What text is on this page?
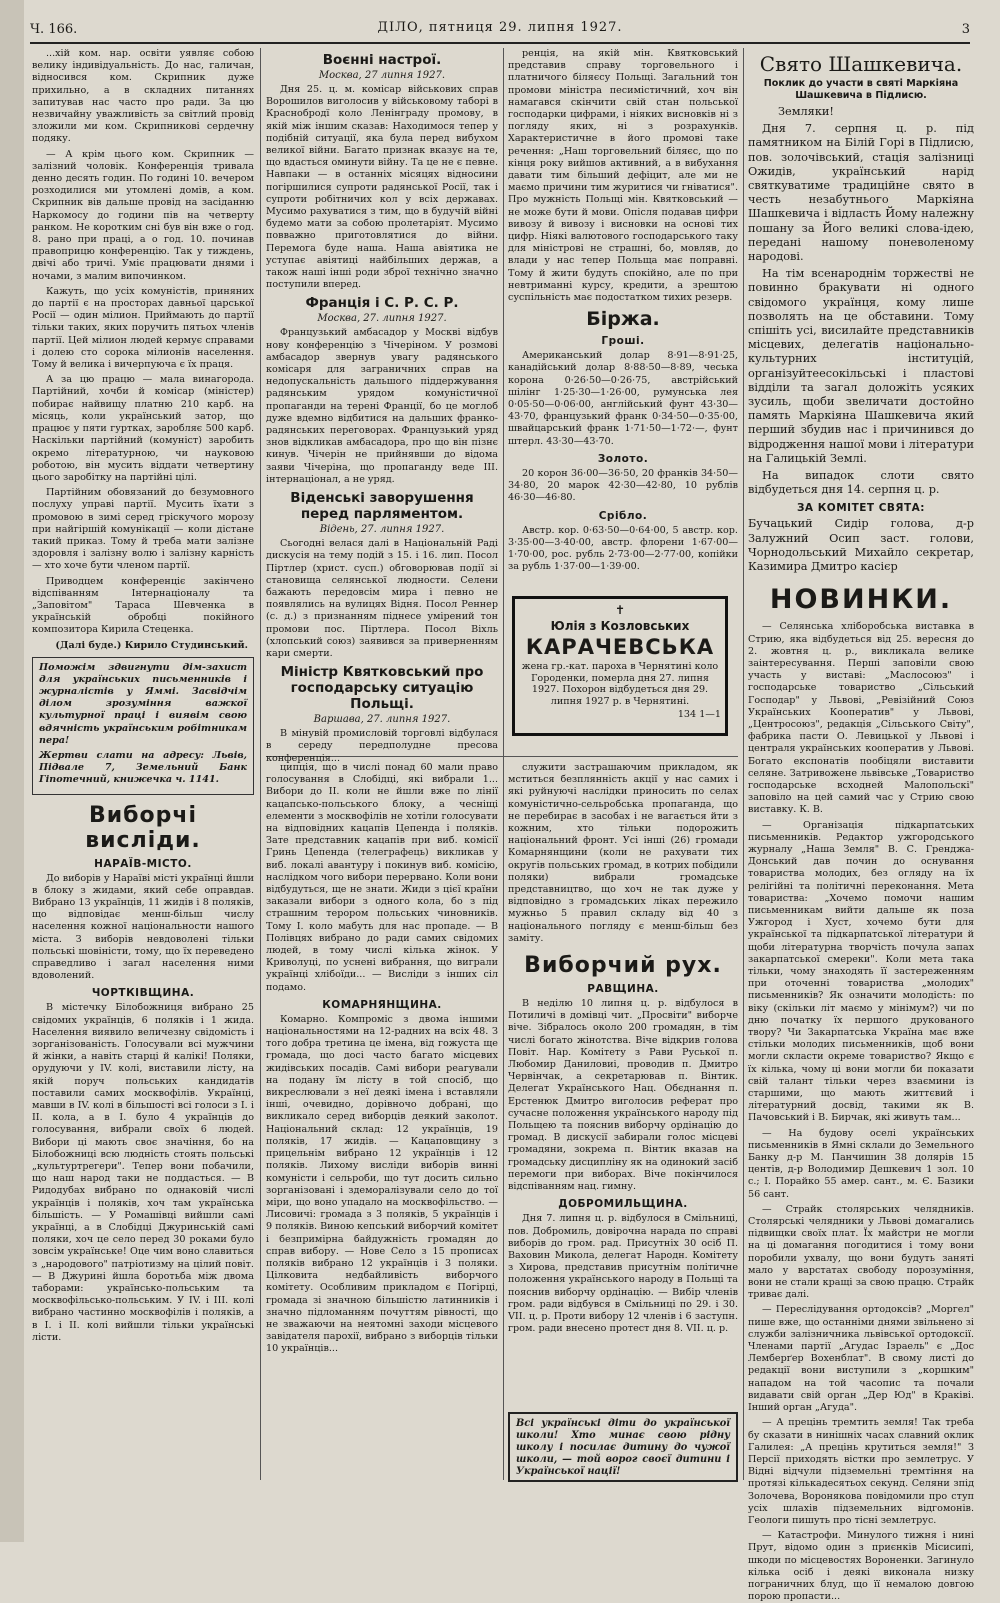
Ч. 166.	ДІЛО, пятниця 29. липня 1927.	3

...хій ком. нар. освіти уявляє собою велику індивідуальність. До нас, галичан, відносився ком. Скрипник дуже прихильно, а в складних питаннях запитував нас часто про ради. За цю незвичайну уважливість за світлий провід зложили ми ком. Скрипникові сердечну подяку.

— А крім цього ком. Скрипник — залізний чоловік. Конференція тривала денно десять годин. По годині 10. вечером розходилися ми утомлені домів, а ком. Скрипник вів дальше провід на засіданню Наркомосу до години пів на четверту ранком. Не коротким сні був він вже о год. 8. рано при праці, а о год. 10. починав правоприцю конференцію. Так у тиждень, двічі або тричі. Уміє працювати днями і ночами, з малим випочинком.

Кажуть, що усіх комуністів, приняних до партії є на просторах давньої царської Росії — один мілион. Приймають до партії тільки таких, яких поручить пятьох членів партії. Цей мілион людей кермує справами і долею сто сорока мілионів населення. Тому й велика і вичерпуюча є їх праця.

А за цю працю — мала винагорода. Партійний, хочби й комісар (міністер) побирає найвищу платню 210 карб. на місяць, коли український затор, що працює у пяти гуртках, заробляє 500 карб. Наскільки партійний (комуніст) заробить окремо літературною, чи науковою роботою, він мусить віддати четвертину цього заробітку на партійні цілі.

Партійним обовязаний до безумовного послуху управі партії. Мусить їхати з промовою в зимі серед гріскучого морозу при найгіршій комунікації — коли дістане такий приказ. Тому й треба мати залізне здоровля і залізну волю і залізну карність — хто хоче бути членом партії.

Приводцем конференціє закінчено відспіванням Інтернаціоналу та „Заповітом" Тараса Шевченка в українській обробці покійного композитора Кирила Стеценка.

(Далі буде.) Кирило Студинський.

Поможім здвигнути дім-захист для українських письменників і журналістів у Яммі. Засвідчім ділом зрозуміння важкої культурної праці і виявім свою вдячність українським робітникам пера!

Жертви слати на адресу: Львів, Підвале 7, Земельний Банк Гіпотечний, книжечка ч. 1141.

Виборчі висліди.
НАРАЇВ-МІСТО.

До виборів у Нараїві місті українці йшли в блоку з жидами, який себе оправдав. Вибрано 13 українців, 11 жидів і 8 поляків, що відповідає менш-більш числу населення кожної національности нашого міста. З виборів невдоволені тільки польські шовіністи, тому, що їх переведено справедливо і загал населення ними вдоволений.

ЧОРТКІВЩИНА.

В містечку Білобожниця вибрано 25 свідомих українців, 6 поляків і 1 жида. Населення виявило величезну свідомість і зорганізованість. Голосували всі мужчини й жінки, а навіть старці й калікі! Поляки, орудуючи у IV. колі, виставили лісту, на якій поруч польських кандидатів поставили самих москвофілів. Українці, мавши в IV. колі в більшості всі голоси з I. і II. кола, а в I. було 4 українців до голосування, вибрали своїх 6 людей. Вибори ці мають своє значіння, бо на Білобожниці всю людність стоять польські „культуртрегери". Тепер вони побачили, що наш народ таки не поддасться. — В Ридодубах вибрано по однаковій числі українців і поляків, хоч там українська більшість. — У Ромашівці вийшли самі українці, а в Слобідці Джуринській самі поляки, хоч це село перед 30 роками було зовсім українське! Оце чим воно славиться з „народового" патріотизму на цілий повіт. — В Джурині йшла боротьба між двома таборами: українсько-польським та москвофільсько-польським. У IV. і III. колі вибрано частинно москвофілів і поляків, а в I. і II. колі вийшли тільки українські лісти.

Воєнні настрої.
Москва, 27 липня 1927.

Дня 25. ц. м. комісар військових справ Ворошилов виголосив у військовому таборі в Краснобродї коло Ленінграду промову, в якій між іншим сказав: Находимося тепер у подібній ситуації, яка була перед вибухом великої війни. Багато признак вказує на те, що вдасться оминути війну. Та це не є певне. Навпаки — в останніх місяцях відносини погіршилися супроти радянської Росії, так і супроти робітничих кол у всіх державах. Мусимо рахуватися з тим, що в будучій війні будемо мати за собою пролетаріят. Мусимо повважно приготовлятися до війни. Перемога буде наша. Наша авіятика не уступає авіятиці найбільших держав, а також наші інші роди зброї технічно значно поступили вперед.

Франція і С. Р. С. Р.
Москва, 27. липня 1927.

Французький амбасадор у Москві відбув нову конференцію з Чічеріном. У розмові амбасадор звернув увагу радянського комісаря для заграничних справ на недопускальність дальшого піддержування радянським урядом комуністичної пропаганди на терені Франції, бо це моглоб дуже вдемно відбитися на дальших франко-радянських переговорах. Французький уряд знов відкликав амбасадора, про що він пізнє кинув. Чічерін не прийнявши до відома заяви Чічеріна, що пропаганду веде III. інтернаціонал, а не уряд.

Віденські заворушення перед парляментом.
Відень, 27. липня 1927.

Сьогодні велася далі в Національній Раді дискусія на тему подій з 15. і 16. лип. Посол Піртлер (христ. сусп.) обговорював події зі становища селянської людности. Селени бажають передовсім мира і певно не появлялись на вулицях Відня. Посол Реннер (с. д.) з признанням піднесе умірений тон промови пос. Піртлера. Посол Віхль (хлопський союз) заявився за приверненням кари смерти.

Міністр Квятковський про господарську ситуацію Польщі.
Варшава, 27. липня 1927.

В мінувій промисловій торговлі відбулася в середу передполудне пресова конференція...

ренція, на якій мін. Квятковський представив справу торговельного і платничого біляєсу Польщі. Загальний тон промови міністра песимістичний, хоч він намагався скінчити свій стан польської господарки цифрами, і ніяких висновків ні з погляду яких, ні з розрахунків. Характеристичне в його промові таке речення: „Наш торговельний біляєс, що по кінця року вийшов активний, а в вибухання давати тим більший дефіцит, але ми не маємо причини тим журитися чи гніватися". Про мужність Польщі мін. Квятковський — не може бути й мови. Опісля подавав цифри вивозу й вивозу і висновки на основі тих цифр. Ніякі валютового господарського таку для міністрові не страшні, бо, мовляв, до влади у нас тепер Польща має поправні. Тому й жити будуть спокійно, але по при невтриманні курсу, кредити, а зрештою суспільність має подостатком тихих резерв.

Біржа.
Гроші.

Американський долар 8·91—8·91·25, канадійський долар 8·88·50—8·89, чеська корона 0·26·50—0·26·75, австрійський шілінг 1·25·30—1·26·00, румунська лея 0·05·50—0·06·00, англійський фунт 43·30—43·70, французький франк 0·34·50—0·35·00, швайцарський франк 1·71·50—1·72·—, фунт штерл. 43·30—43·70.

Золото.

20 корон 36·00—36·50, 20 франків 34·50—34·80, 20 марок 42·30—42·80, 10 рублів 46·30—46·80.

Срібло.

Австр. кор. 0·63·50—0·64·00, 5 австр. кор. 3·35·00—3·40·00, австр. флорени 1·67·00—1·70·00, рос. рубль 2·73·00—2·77·00, копійки за рубль 1·37·00—1·39·00.

✝
Юлія з Козловських
КАРАЧЕВСЬКА
жена гр.-кат. пароха в Чернятині коло Городенки, померла дня 27. липня 1927. Похорон відбудеться дня 29. липня 1927 р. в Чернятині.
134 1—1

ципція, що в числі понад 60 мали право голосування в Слобідці, які вибрали 1... Вибори до II. коли не йшли вже по лінії кацапсько-польського блоку, а чесніщі елементи з москвофілів не хотіли голосувати на відповідних кацапів Цепенда і поляків. Зате представник кацапів при виб. комісії Гринь Цепенда (телеграфець) викликав у виб. локалі авантуру і покинув виб. комісію, наслідком чого вибори перервано. Коли вони відбудуться, ще не знати. Жиди з цієї країни заказали вибори з одного кола, бо з під страшним терором польських чиновників. Тому I. коло мабуть для нас пропаде. — В Полівцях вибрано до ради самих свідомих людей, в тому числі кілька жінок. У Криволуці, по уснені вибрання, що виграли українці хлібоїди... — Висліди з інших сіл подамо.

КОМАРНЯНЩИНА.

Комарно. Компроміс з двома іншими національностями на 12-радних на всіх 48. З того добра третина це імена, від гожуста ще громада, що досі часто багато місцевих жидівських посадів. Самі вибори реагували на подану їм лісту в той спосіб, що викреслювали з неї деякі імена і вставляли інші, очевидно, дорівночо добрані, що викликало серед виборців деякий заколот. Національний склад: 12 українців, 19 поляків, 17 жидів. — Кацаповщину з прицельнім вибрано 12 українців і 12 поляків. Лихому висліди виборів винні комуністи і сельроби, що тут досить сильно зорганізовані і здеморалізували село до тої міри, що воно упадало на москвофільство. — Лисовичі: громада з 3 поляків, 5 українців і 9 поляків. Виною кепський виборчий комітет і безпримірна байдужність громадян до справ вибору. — Нове Село з 15 прописах поляків вибрано 12 українців і 3 поляки. Цілковита недбайливість виборчого комітету. Особливим прикладом є Погірці, громада зі значною більшістю латинників і значно підломанням почуттям рівності, що не зважаючи на неятомні заходи місцевого завідателя парохії, вибрано з виборців тільки 10 українців...

служити застрашаючим прикладом, як мститься безплянність акції у нас самих і які руйнуючі наслідки приносить по селах комуністично-сельробська пропаганда, що не перебирає в засобах і не вагається йти з кожним, хто тільки подорожить національний фронт. Усі інші (26) громади Комарнянщини (коли не рахувати тих округів польських громад, в котрих побідили поляки) вибрали громадське представництво, що хоч не так дуже у відповідно з громадських ліках пережило мужньо 5 правил складу від 40 з національного погляду є менш-більш без заміту.

Виборчий рух.
РАВЩИНА.

В неділю 10 липня ц. р. відбулося в Потиличі в домівці чит. „Просвіти" виборче віче. Зібралось около 200 громадян, в тім числі богато жінотства. Віче відкрив голова Повіт. Нар. Комітету з Рави Руської п. Любомир Даниловиі, проводив п. Дмитро Червінчак, а секретарював п. Вінтик. Делегат Українського Нац. Обєднання п. Ерстенюк Дмитро виголосив реферат про сучасне положення українського народу під Польщею та пояснив виборчу ордінацію до громад. В дискусії забирали голос місцеві громадяни, зокрема п. Вінтик вказав на громадську дисципліну як на одинокий засіб перемоги при виборах. Віче покінчилося відспіванням нац. гимну.

ДОБРОМИЛЬЩИНА.

Дня 7. липня ц. р. відбулося в Смільниці, пов. Добромиль, довірочна нарада по справі виборів до гром. рад. Присутніх 30 осіб П. Ваховин Микола, делегат Народн. Комітету з Хирова, представив присутнім політичне положення українського народу в Польщі та пояснив виборчу ордінацію. — Вибір членів гром. ради відбувся в Смільниці по 29. і 30. VII. ц. р. Проти вибору 12 членів і 6 заступн. гром. ради внесено протест дня 8. VII. ц. р.

Всі українські діти до української школи! Хто минає свою рідну школу і посилає дитину до чужої школи, — той ворог своєї дитини і Української нації!

Свято Шашкевича.
Поклик до участи в святі Маркіяна Шашкевича в Підлисю.

Земляки!

Дня 7. серпня ц. р. під памятником на Білій Горі в Підлисю, пов. золочівський, стація залізниці Ожидів, український нарід святкуватиме традиційне свято в честь незабутнього Маркіяна Шашкевича і відласть Йому належну пошану за Його великі слова-ідею, передані нашому поневоленому народові.

На тім всенароднім торжестві не повинно бракувати ні одного свідомого українця, кому лише позволять на це обставини. Тому спішіть усі, висилайте представників місцевих, делегатів національно-культурних інституцій, організуйтеесокільські і пластові відділи та загал доложіть усяких зусиль, щоби звеличати достойно память Маркіяна Шашкевича який перший збудив нас і причинився до відродження нашої мови і літератури на Галицькій Землі.

На випадок слоти свято відбудеться дня 14. серпня ц. р.

ЗА КОМІТЕТ СВЯТА:

Бучацький Сидір голова, д-р Залужний Осип заст. голови, Чорнодольський Михайло секретар, Казимира Дмитро касієр

НОВИНКИ.

— Селянська хліборобська виставка в Стрию, яка відбудеться від 25. вересня до 2. жовтня ц. р., викликала велике заінтересування. Перші заповіли свою участь у виставі: „Маслосоюз" і господарське товариство „Сільський Господар" у Львові, „Ревізійний Союз Українських Кооператив" у Львові, „Центросоюз", редакція „Сільського Світу", фабрика пасти О. Левицької у Львові і централя українських кооператив у Львові. Богато експонатів пообіцяли виставити селяне. Затривожене львівське „Товариство господарське всходней Малопольскі" заповіло на цей самий час у Стрию свою виставку. К. В.

— Організація підкарпатських письменників. Редактор ужгородського журналу „Наша Земля" В. С. Гренджа-Донський дав почин до оснування товариства молодих, без огляду на їх релігійні та політичні переконання. Мета товариства: „Хочемо помочи нашим письменникам вийти дальше як поза Ужгород і Хуст, хочемо бути для української та підкарпатської літератури й щоби літературна творчість почула запах закарпатської смереки". Коли мета така тільки, чому знаходять її застереженням при оточенні товариства „молодих" письменників? Як означити молодість: по віку (скільки літ маємо у мінімум?) чи по дню початку їх першого друкованого твору? Чи Закарпатська Україна має вже стільки молодих письменників, щоб вони могли скласти окреме товариство? Якщо є їх кілька, чому ці вони могли би показати свій талант тільки через взаємини із старшими, що мають життєвий і літературний досвід, такими як В. Пачовський і В. Бирчак, які живуть там...

— На будову оселі українських письменників в Ямні склали до Земельного Банку д-р М. Панчишин 38 долярів 15 центів, д-р Володимир Дешкевич 1 зол. 10 с.; І. Порайко 55 амер. сант., м. Є. Базики 56 сант.

— Страйк столярських челядників. Столярські челядники у Львові домагались підвищки своїх плат. Їх майстри не могли на ці домагання погодитися і тому вони поробили ухвалу, що вони будуть заняті мало у варстатах свободу порозуміння, вони не стали кращі за свою працю. Страйк триває далі.

— Переслідування ортодоксів? „Моргел" пише вже, що останніми днями звільнено зі служби залізничника львівської ортодоксії. Членами партії „Агудас Ізраель" є „Дос Лемберґер Вохенблат". В свому листі до редакції вони виступили з „коршким" нападом на той часопис та почали видавати свій орган „Дер Юд" в Краківі. Інший орган „Агуда".

— А прецінь тремтить земля! Так треба бу сказати в нинішніх часах славний оклик Галилея: „А прецінь крутиться земля!" З Персії приходять вістки про землетрус. У Відні відчули підземельні тремтіння на протязі кількадесятьох секунд. Селяни зпід Золочева, Воронякова повідомили про ступ усіх шлахів підземельних відгомонів. Геологи пишуть про тісні землетрус.

— Катастрофи. Минулого тижня і нині Прут, відомо один з приєнків Місисипі, шкоди по місцевостях Вороненки. Загинуло кілька осіб і деякі виконала низку пограничних блуд, що її немалою довгою порою пропасти...
